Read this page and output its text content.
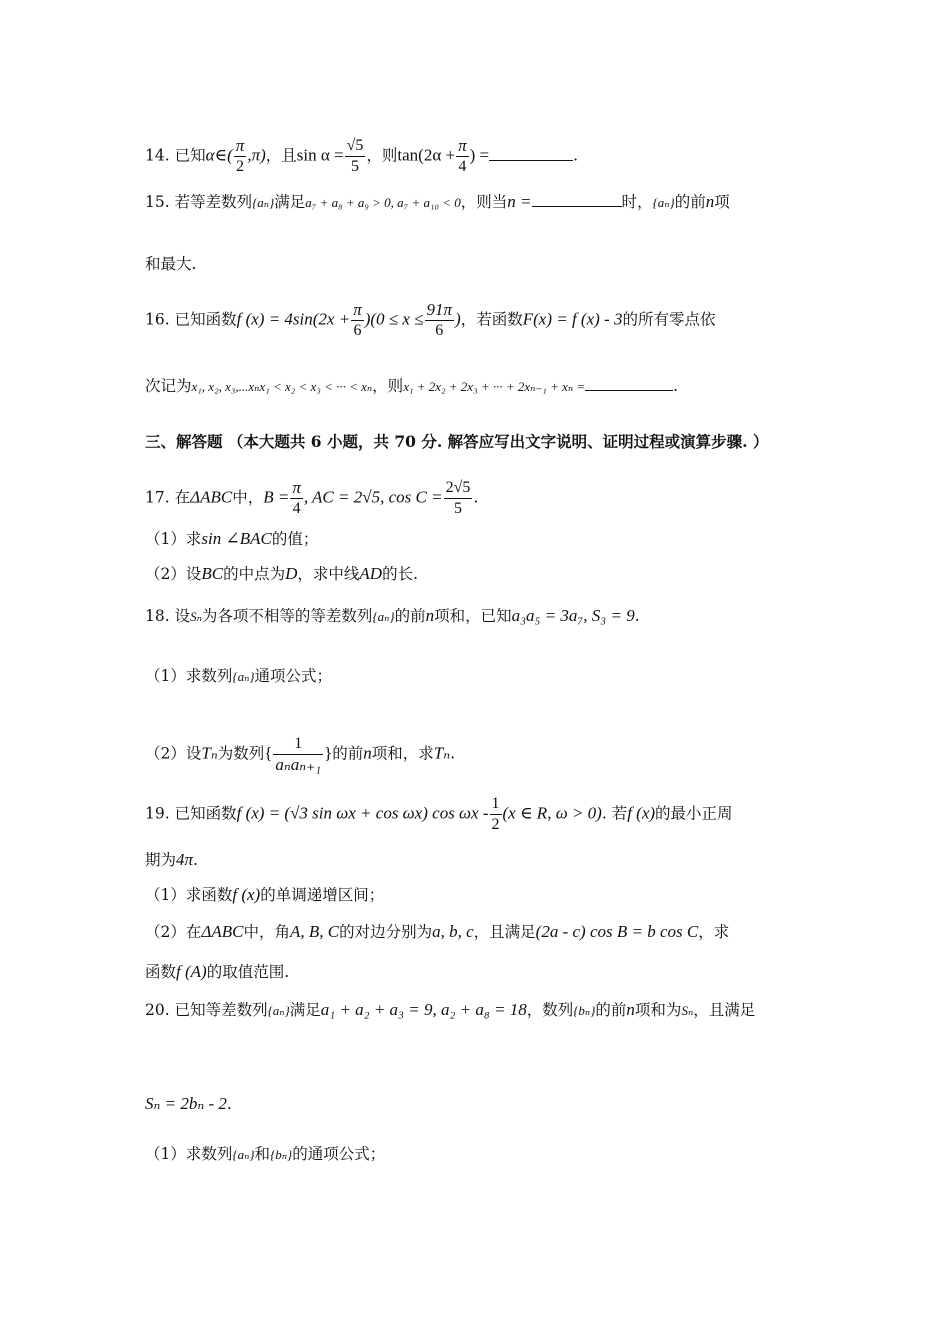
14. 已知α∈( $\frac{\pi}{2} ,\pi$)，且$\sin \alpha = \frac{√5}{5}$ ，则$\tan(2\alpha + \frac{\pi}{4}$ ) =	.
15. 若等差数列{aₙ}满足a₇ + a₈ + a₉ > 0, a₇ + a₁₀ < 0，则当n =	时，{aₙ}的前n项
和最大.
16. 已知函数f $(x) = 4\sin(2x + \frac{\pi}{6} )(0 \le x \le \frac{91\pi}{6}$ )，若函数F(x) = f (x) - 3的所有零点依
次记为x₁, x₂, x₃,...xₙx₁ < x₂ < x₃ < ··· < xₙ，则x₁ + 2x₂ + 2x₃ + ··· + 2xₙ₋₁ + xₙ =	.
三、解答题 （本大题共 6 小题，共 70 分. 解答应写出文字说明、证明过程或演算步骤. ）
17. 在ΔABC中，$B = \frac{\pi}{4}$ , AC = 2√5, $\cos C = \frac{2√5}{5}$ .
（1）求sin ∠BAC的值；
（2）设BC的中点为D，求中线AD的长.
18. 设Sₙ为各项不相等的等差数列{aₙ}的前n项和，已知a₃a₅ = 3a₇, S₃ = 9.
（1）求数列{aₙ}通项公式；
（2）设Tₙ为数列{ $\frac{1}{\text{aₙaₙ₊₁}}$ }的前n项和，求Tₙ.
19. 已知函数f (x) = (√3 sin ωx + cos ωx) cos ωx - $\frac{1}{2} (x$ ∈ R, ω > 0). 若f (x)的最小正周
期为4π.
（1）求函数f (x)的单调递增区间；
（2）在ΔABC中，角A, B, C的对边分别为a, b, c，且满足(2a - c) cos B = b cos C，求
函数f (A)的取值范围.
20. 已知等差数列{aₙ}满足a₁ + a₂ + a₃ = 9, a₂ + a₈ = 18，数列{bₙ}的前n项和为Sₙ，且满足
Sₙ = 2bₙ - 2.
（1）求数列{aₙ}和{bₙ}的通项公式；
